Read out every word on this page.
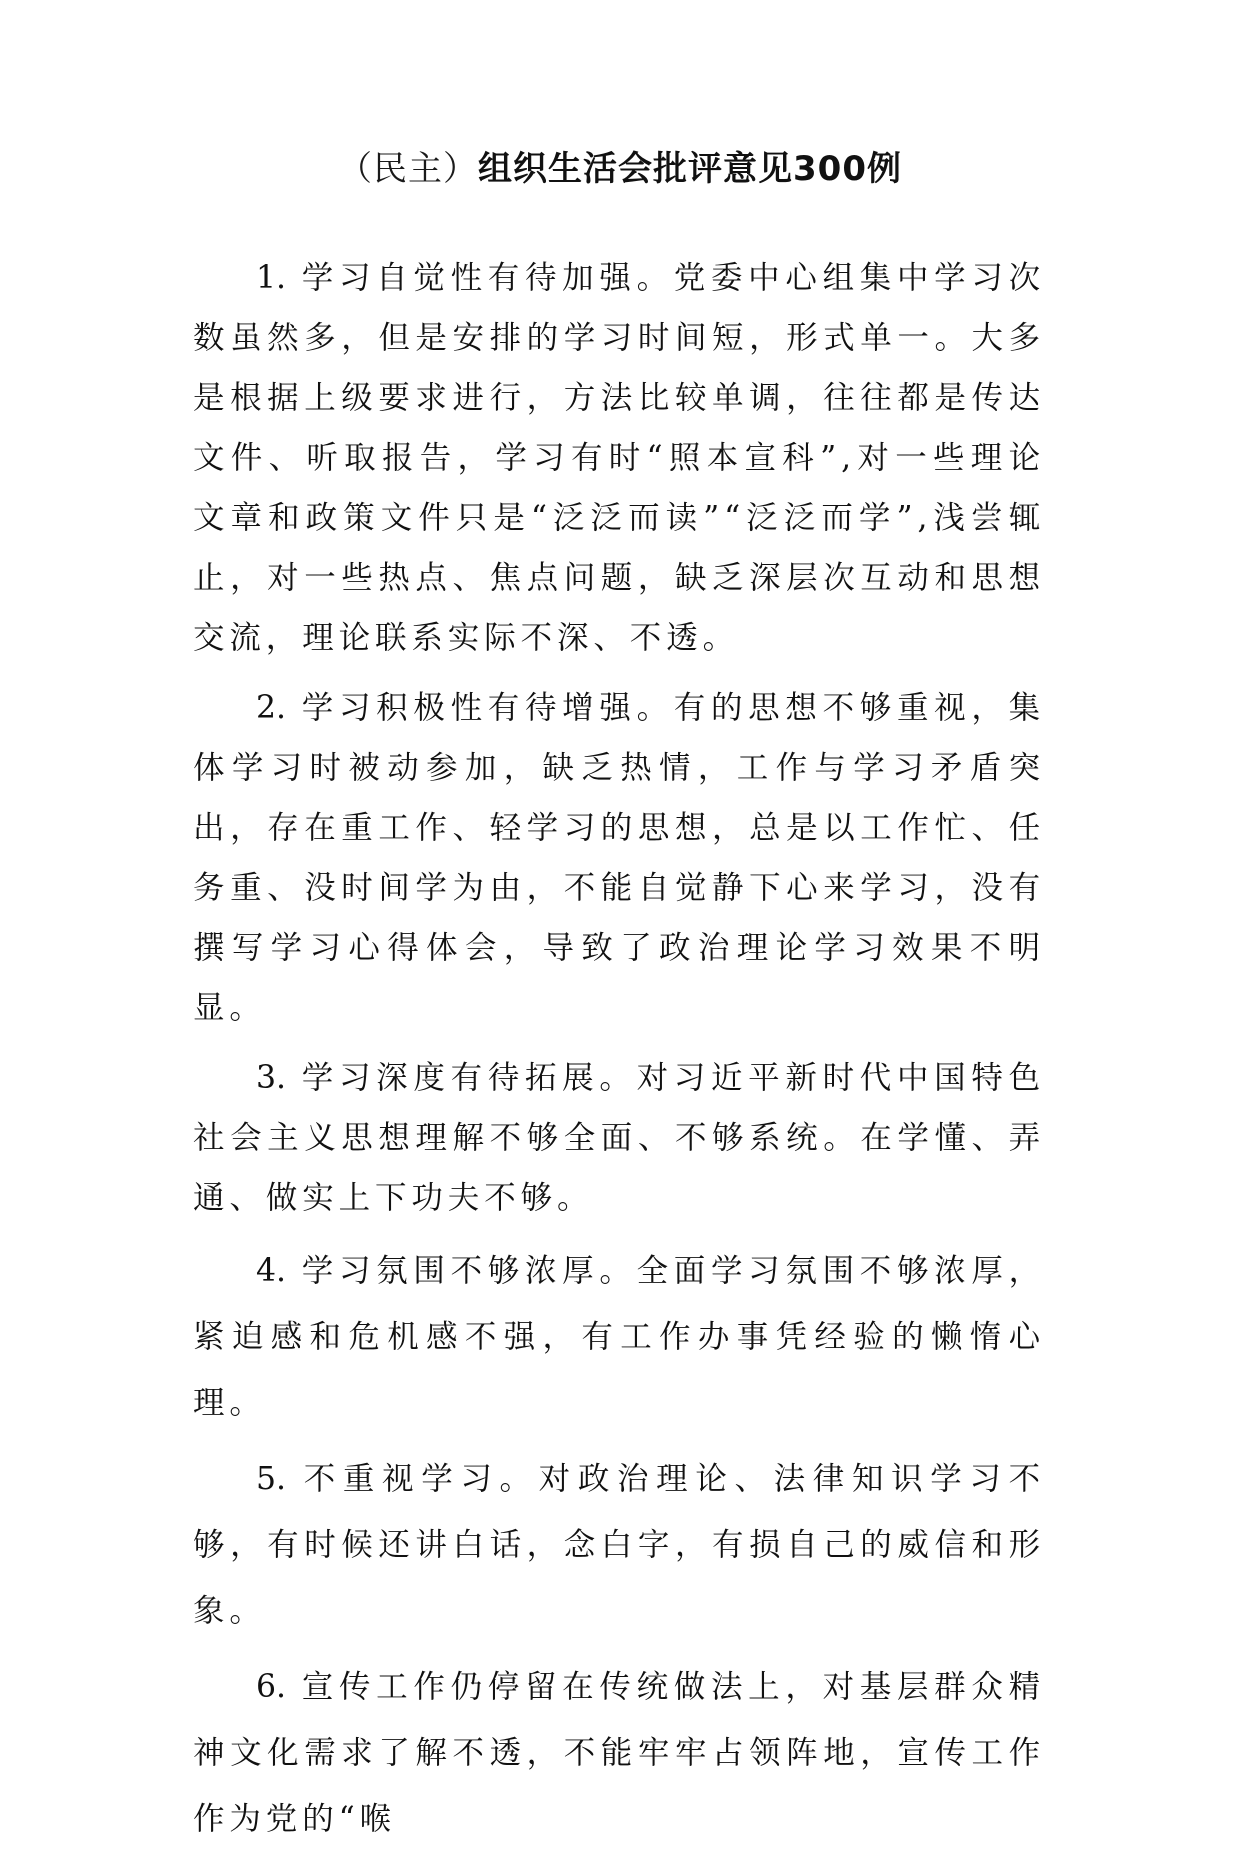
（民主）组织生活会批评意见300例

1. 学习自觉性有待加强。党委中心组集中学习次数虽然多，但是安排的学习时间短，形式单一。大多是根据上级要求进行，方法比较单调，往往都是传达文件、听取报告，学习有时“照本宣科”,对一些理论文章和政策文件只是“泛泛而读”“泛泛而学”,浅尝辄止，对一些热点、焦点问题，缺乏深层次互动和思想交流，理论联系实际不深、不透。

2. 学习积极性有待增强。有的思想不够重视，集体学习时被动参加，缺乏热情，工作与学习矛盾突出，存在重工作、轻学习的思想，总是以工作忙、任务重、没时间学为由，不能自觉静下心来学习，没有撰写学习心得体会，导致了政治理论学习效果不明显。

3. 学习深度有待拓展。对习近平新时代中国特色社会主义思想理解不够全面、不够系统。在学懂、弄通、做实上下功夫不够。

4. 学习氛围不够浓厚。全面学习氛围不够浓厚，紧迫感和危机感不强，有工作办事凭经验的懒惰心理。

5. 不重视学习。对政治理论、法律知识学习不够，有时候还讲白话，念白字，有损自己的威信和形象。

6. 宣传工作仍停留在传统做法上，对基层群众精神文化需求了解不透，不能牢牢占领阵地，宣传工作作为党的“喉
